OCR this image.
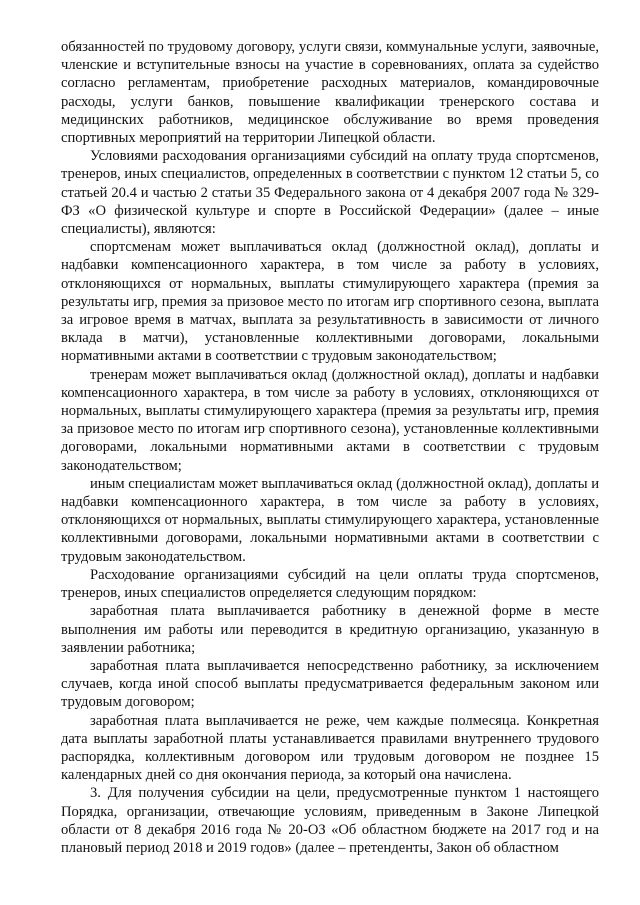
обязанностей по трудовому договору, услуги связи, коммунальные услуги, заявочные, членские и вступительные взносы на участие в соревнованиях, оплата за судейство согласно регламентам, приобретение расходных материалов, командировочные расходы, услуги банков, повышение квалификации тренерского состава и медицинских работников, медицинское обслуживание во время проведения спортивных мероприятий на территории Липецкой области.

Условиями расходования организациями субсидий на оплату труда спортсменов, тренеров, иных специалистов, определенных в соответствии с пунктом 12 статьи 5, со статьей 20.4 и частью 2 статьи 35 Федерального закона от 4 декабря 2007 года № 329-ФЗ «О физической культуре и спорте в Российской Федерации» (далее – иные специалисты), являются:

спортсменам может выплачиваться оклад (должностной оклад), доплаты и надбавки компенсационного характера, в том числе за работу в условиях, отклоняющихся от нормальных, выплаты стимулирующего характера (премия за результаты игр, премия за призовое место по итогам игр спортивного сезона, выплата за игровое время в матчах, выплата за результативность в зависимости от личного вклада в матчи), установленные коллективными договорами, локальными нормативными актами в соответствии с трудовым законодательством;

тренерам может выплачиваться оклад (должностной оклад), доплаты и надбавки компенсационного характера, в том числе за работу в условиях, отклоняющихся от нормальных, выплаты стимулирующего характера (премия за результаты игр, премия за призовое место по итогам игр спортивного сезона), установленные коллективными договорами, локальными нормативными актами в соответствии с трудовым законодательством;

иным специалистам может выплачиваться оклад (должностной оклад), доплаты и надбавки компенсационного характера, в том числе за работу в условиях, отклоняющихся от нормальных, выплаты стимулирующего характера, установленные коллективными договорами, локальными нормативными актами в соответствии с трудовым законодательством.

Расходование организациями субсидий на цели оплаты труда спортсменов, тренеров, иных специалистов определяется следующим порядком:

заработная плата выплачивается работнику в денежной форме в месте выполнения им работы или переводится в кредитную организацию, указанную в заявлении работника;

заработная плата выплачивается непосредственно работнику, за исключением случаев, когда иной способ выплаты предусматривается федеральным законом или трудовым договором;

заработная плата выплачивается не реже, чем каждые полмесяца. Конкретная дата выплаты заработной платы устанавливается правилами внутреннего трудового распорядка, коллективным договором или трудовым договором не позднее 15 календарных дней со дня окончания периода, за который она начислена.

3. Для получения субсидии на цели, предусмотренные пунктом 1 настоящего Порядка, организации, отвечающие условиям, приведенным в Законе Липецкой области от 8 декабря 2016 года № 20-ОЗ «Об областном бюджете на 2017 год и на плановый период 2018 и 2019 годов» (далее – претенденты, Закон об областном
